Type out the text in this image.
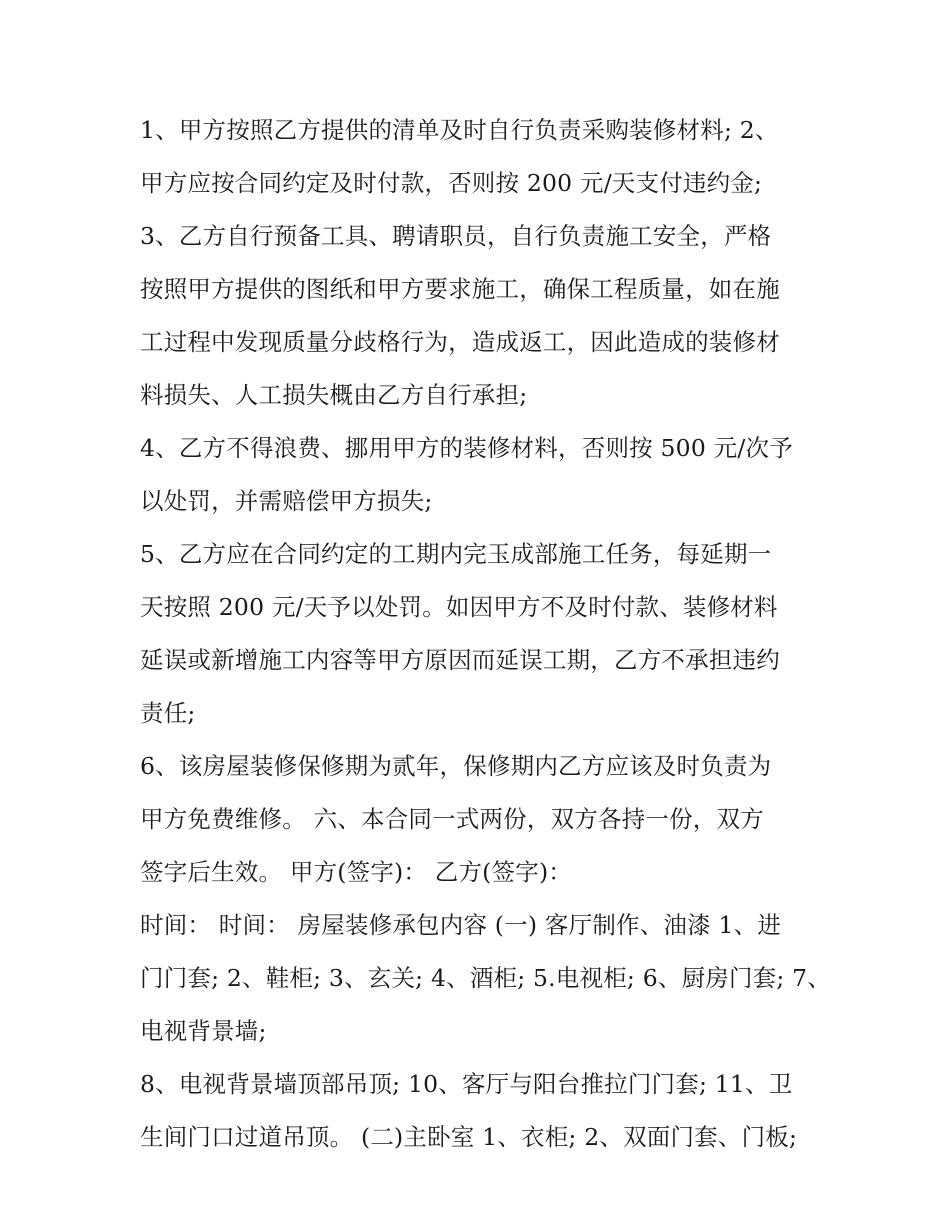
1、甲方按照乙方提供的清单及时自行负责采购装修材料; 2、
甲方应按合同约定及时付款，否则按 200 元/天支付违约金;
3、乙方自行预备工具、聘请职员，自行负责施工安全，严格
按照甲方提供的图纸和甲方要求施工，确保工程质量，如在施
工过程中发现质量分歧格行为，造成返工，因此造成的装修材
料损失、人工损失概由乙方自行承担;
4、乙方不得浪费、挪用甲方的装修材料，否则按 500 元/次予
以处罚，并需赔偿甲方损失;
5、乙方应在合同约定的工期内完玉成部施工任务，每延期一
天按照 200 元/天予以处罚。如因甲方不及时付款、装修材料
延误或新增施工内容等甲方原因而延误工期，乙方不承担违约
责任;
6、该房屋装修保修期为贰年，保修期内乙方应该及时负责为
甲方免费维修。 六、本合同一式两份，双方各持一份，双方
签字后生效。 甲方(签字)： 乙方(签字)：
时间： 时间： 房屋装修承包内容 (一) 客厅制作、油漆 1、进
门门套; 2、鞋柜; 3、玄关; 4、酒柜; 5.电视柜; 6、厨房门套; 7、
电视背景墙;
8、电视背景墙顶部吊顶; 10、客厅与阳台推拉门门套; 11、卫
生间门口过道吊顶。 (二)主卧室 1、衣柜; 2、双面门套、门板;
